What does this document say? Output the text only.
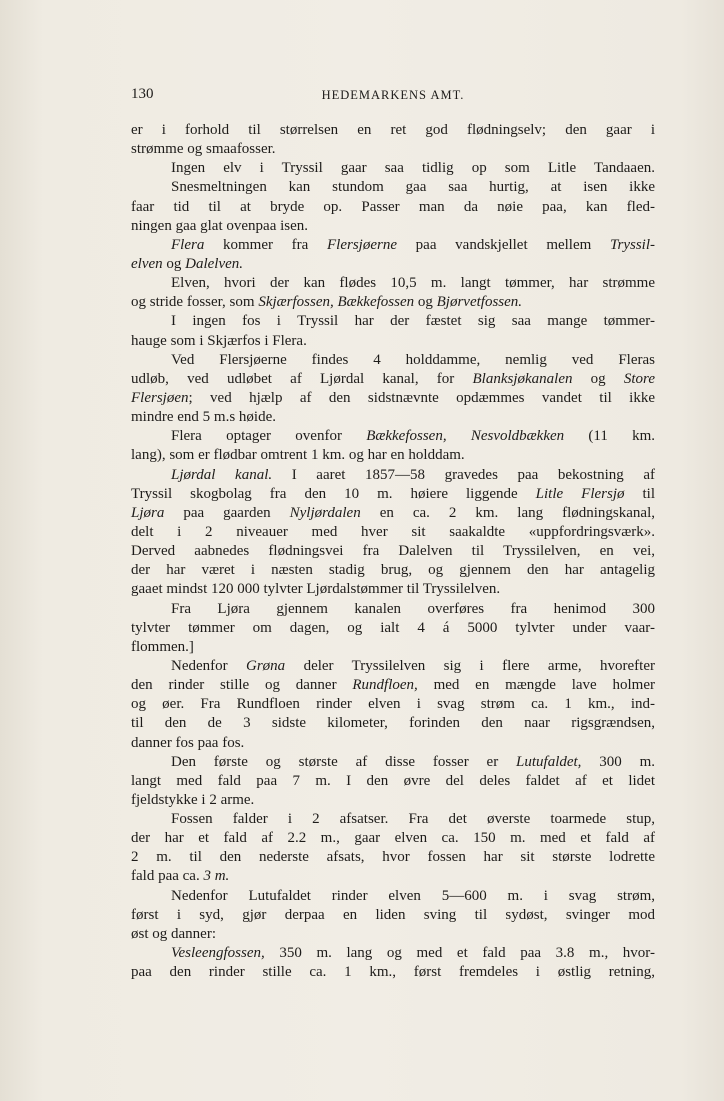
130	HEDEMARKENS AMT.
er i forhold til størrelsen en ret god flødningselv; den gaar i
strømme og smaafosser.
Ingen elv i Tryssil gaar saa tidlig op som Litle Tandaaen.
Snesmeltningen kan stundom gaa saa hurtig, at isen ikke
faar tid til at bryde op. Passer man da nøie paa, kan fled-
ningen gaa glat ovenpaa isen.
Flera kommer fra Flersjøerne paa vandskjellet mellem Tryssil-
elven og Dalelven.
Elven, hvori der kan flødes 10,5 m. langt tømmer, har strømme
og stride fosser, som Skjærfossen, Bækkefossen og Bjørvetfossen.
I ingen fos i Tryssil har der fæstet sig saa mange tømmer-
hauge som i Skjærfos i Flera.
Ved Flersjøerne findes 4 holddamme, nemlig ved Fleras
udløb, ved udløbet af Ljørdal kanal, for Blanksjøkanalen og Store
Flersjøen; ved hjælp af den sidstnævnte opdæmmes vandet til ikke
mindre end 5 m.s høide.
Flera optager ovenfor Bækkefossen, Nesvoldbækken (11 km.
lang), som er flødbar omtrent 1 km. og har en holddam.
Ljørdal kanal. I aaret 1857—58 gravedes paa bekostning af
Tryssil skogbolag fra den 10 m. høiere liggende Litle Flersjø til
Ljøra paa gaarden Nyljørdalen en ca. 2 km. lang flødningskanal,
delt i 2 niveauer med hver sit saakaldte «uppfordringsværk».
Derved aabnedes flødningsvei fra Dalelven til Tryssilelven, en vei,
der har været i næsten stadig brug, og gjennem den har antagelig
gaaet mindst 120 000 tylvter Ljørdalstømmer til Tryssilelven.
Fra Ljøra gjennem kanalen overføres fra henimod 300
tylvter tømmer om dagen, og ialt 4 á 5000 tylvter under vaar-
flommen.]
Nedenfor Grøna deler Tryssilelven sig i flere arme, hvorefter
den rinder stille og danner Rundfloen, med en mængde lave holmer
og øer. Fra Rundfloen rinder elven i svag strøm ca. 1 km., ind-
til den de 3 sidste kilometer, forinden den naar rigsgrændsen,
danner fos paa fos.
Den første og største af disse fosser er Lutufaldet, 300 m.
langt med fald paa 7 m. I den øvre del deles faldet af et lidet
fjeldstykke i 2 arme.
Fossen falder i 2 afsatser. Fra det øverste toarmede stup,
der har et fald af 2.2 m., gaar elven ca. 150 m. med et fald af
2 m. til den nederste afsats, hvor fossen har sit største lodrette
fald paa ca. 3 m.
Nedenfor Lutufaldet rinder elven 5—600 m. i svag strøm,
først i syd, gjør derpaa en liden sving til sydøst, svinger mod
øst og danner:
Vesleengfossen, 350 m. lang og med et fald paa 3.8 m., hvor-
paa den rinder stille ca. 1 km., først fremdeles i østlig retning,
